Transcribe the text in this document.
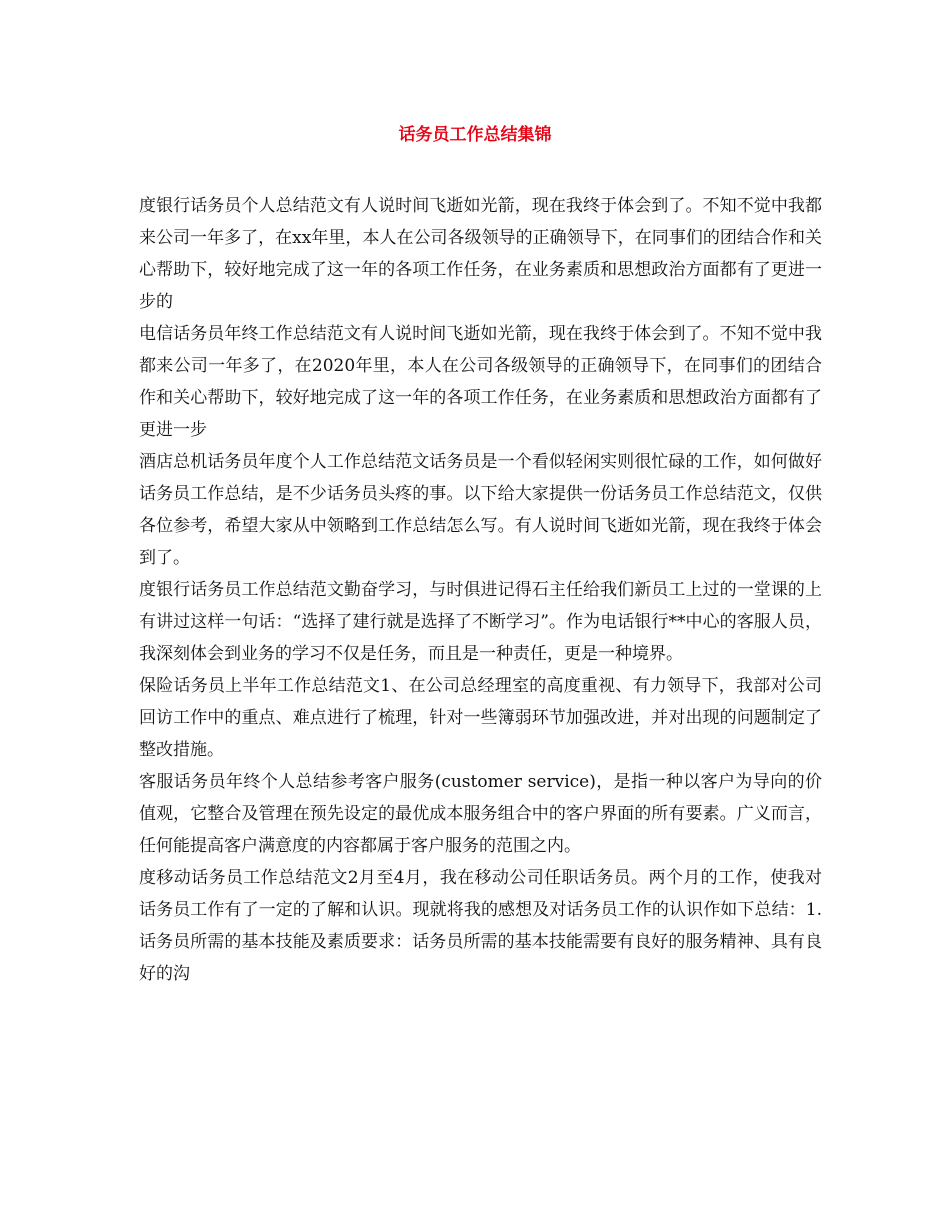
话务员工作总结集锦

度银行话务员个人总结范文有人说时间飞逝如光箭，现在我终于体会到了。不知不觉中我都来公司一年多了，在xx年里，本人在公司各级领导的正确领导下，在同事们的团结合作和关心帮助下，较好地完成了这一年的各项工作任务，在业务素质和思想政治方面都有了更进一步的

电信话务员年终工作总结范文有人说时间飞逝如光箭，现在我终于体会到了。不知不觉中我都来公司一年多了，在2020年里，本人在公司各级领导的正确领导下，在同事们的团结合作和关心帮助下，较好地完成了这一年的各项工作任务，在业务素质和思想政治方面都有了更进一步

酒店总机话务员年度个人工作总结范文话务员是一个看似轻闲实则很忙碌的工作，如何做好话务员工作总结，是不少话务员头疼的事。以下给大家提供一份话务员工作总结范文，仅供各位参考，希望大家从中领略到工作总结怎么写。有人说时间飞逝如光箭，现在我终于体会到了。

度银行话务员工作总结范文勤奋学习，与时俱进记得石主任给我们新员工上过的一堂课的上有讲过这样一句话：“选择了建行就是选择了不断学习”。作为电话银行**中心的客服人员，我深刻体会到业务的学习不仅是任务，而且是一种责任，更是一种境界。

保险话务员上半年工作总结范文1、在公司总经理室的高度重视、有力领导下，我部对公司回访工作中的重点、难点进行了梳理，针对一些簿弱环节加强改进，并对出现的问题制定了整改措施。

客服话务员年终个人总结参考客户服务(customer service)，是指一种以客户为导向的价值观，它整合及管理在预先设定的最优成本服务组合中的客户界面的所有要素。广义而言，任何能提高客户满意度的内容都属于客户服务的范围之内。

度移动话务员工作总结范文2月至4月，我在移动公司任职话务员。两个月的工作，使我对话务员工作有了一定的了解和认识。现就将我的感想及对话务员工作的认识作如下总结：1.话务员所需的基本技能及素质要求：话务员所需的基本技能需要有良好的服务精神、具有良好的沟
